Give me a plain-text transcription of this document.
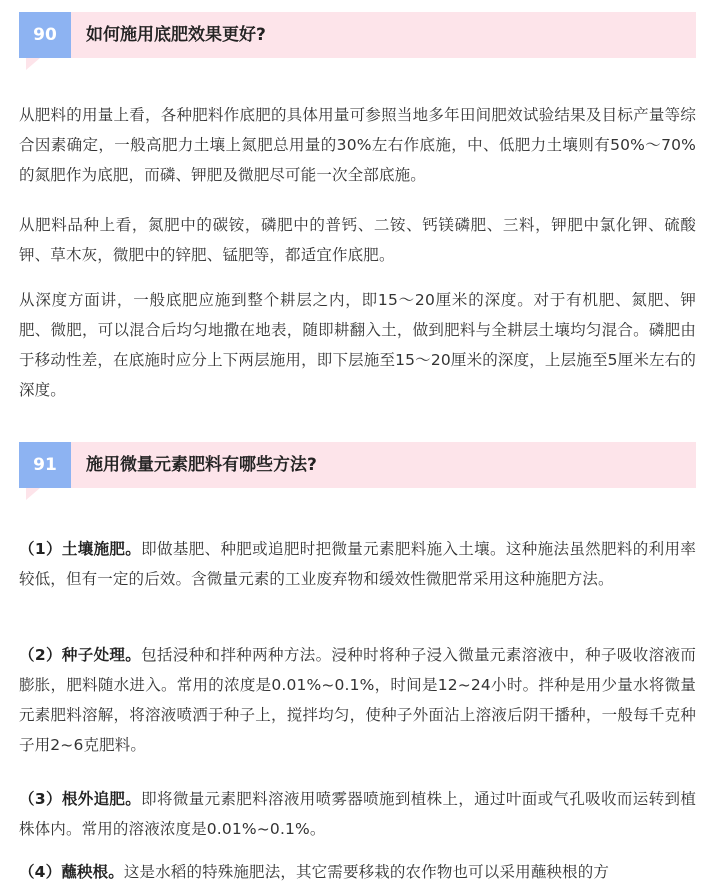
90	如何施用底肥效果更好?

从肥料的用量上看，各种肥料作底肥的具体用量可参照当地多年田间肥效试验结果及目标产量等综合因素确定，一般高肥力土壤上氮肥总用量的30%左右作底施，中、低肥力土壤则有50%～70%的氮肥作为底肥，而磷、钾肥及微肥尽可能一次全部底施。

从肥料品种上看，氮肥中的碳铵，磷肥中的普钙、二铵、钙镁磷肥、三料，钾肥中氯化钾、硫酸钾、草木灰，微肥中的锌肥、锰肥等，都适宜作底肥。

从深度方面讲，一般底肥应施到整个耕层之内，即15～20厘米的深度。对于有机肥、氮肥、钾肥、微肥，可以混合后均匀地撒在地表，随即耕翻入土，做到肥料与全耕层土壤均匀混合。磷肥由于移动性差，在底施时应分上下两层施用，即下层施至15～20厘米的深度，上层施至5厘米左右的深度。

91	施用微量元素肥料有哪些方法?

（1）土壤施肥。即做基肥、种肥或追肥时把微量元素肥料施入土壤。这种施法虽然肥料的利用率较低，但有一定的后效。含微量元素的工业废弃物和缓效性微肥常采用这种施肥方法。

（2）种子处理。包括浸种和拌种两种方法。浸种时将种子浸入微量元素溶液中，种子吸收溶液而膨胀，肥料随水进入。常用的浓度是0.01%~0.1%，时间是12~24小时。拌种是用少量水将微量元素肥料溶解，将溶液喷洒于种子上，搅拌均匀，使种子外面沾上溶液后阴干播种，一般每千克种子用2~6克肥料。

（3）根外追肥。即将微量元素肥料溶液用喷雾器喷施到植株上，通过叶面或气孔吸收而运转到植株体内。常用的溶液浓度是0.01%~0.1%。

（4）蘸秧根。这是水稻的特殊施肥法，其它需要移栽的农作物也可以采用蘸秧根的方
